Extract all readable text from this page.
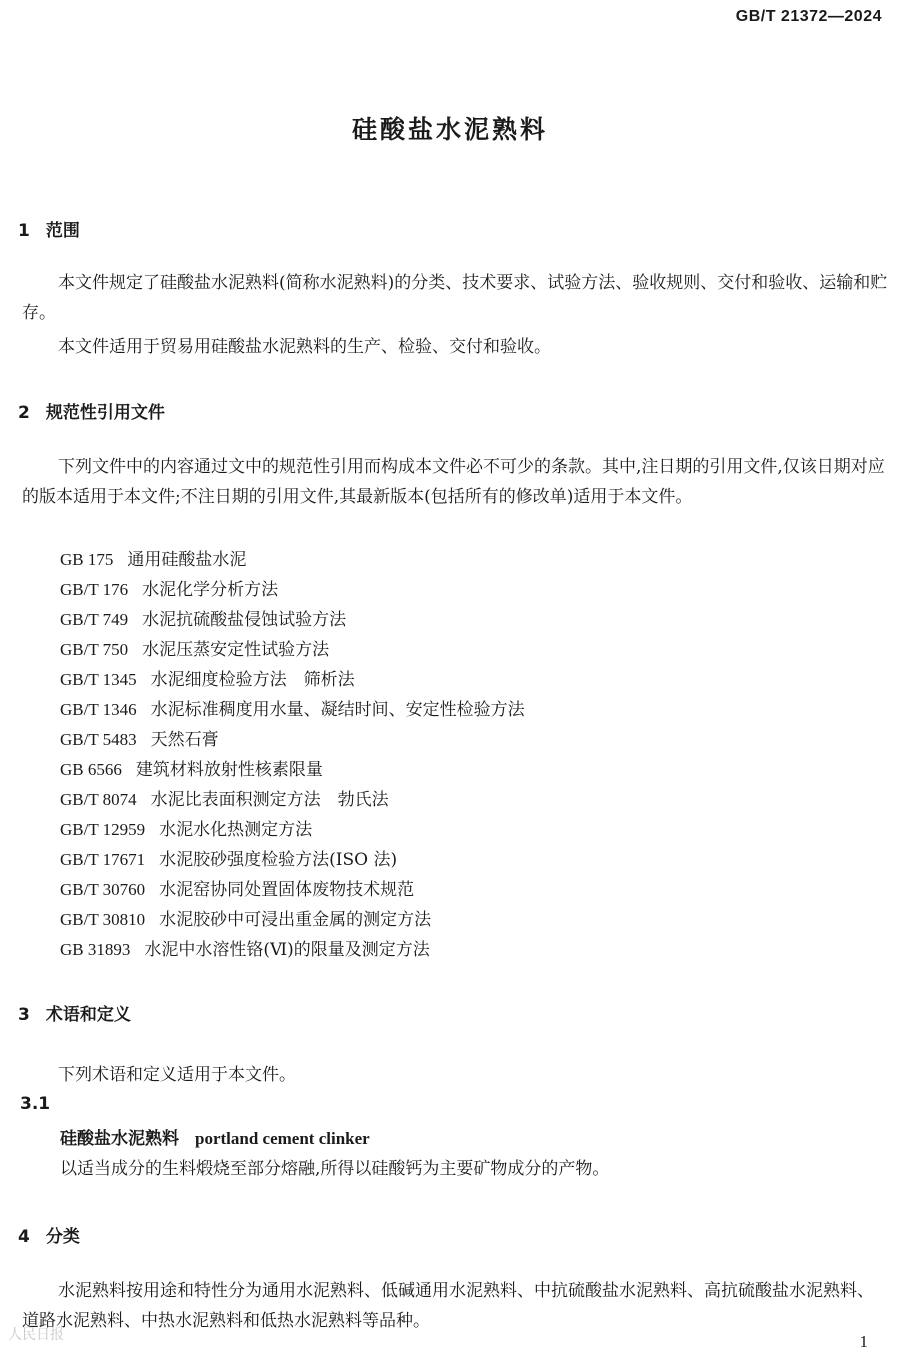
GB/T 21372—2024
硅酸盐水泥熟料
1 范围
本文件规定了硅酸盐水泥熟料(简称水泥熟料)的分类、技术要求、试验方法、验收规则、交付和验收、运输和贮存。
本文件适用于贸易用硅酸盐水泥熟料的生产、检验、交付和验收。
2 规范性引用文件
下列文件中的内容通过文中的规范性引用而构成本文件必不可少的条款。其中,注日期的引用文件,仅该日期对应的版本适用于本文件;不注日期的引用文件,其最新版本(包括所有的修改单)适用于本文件。
GB 175 通用硅酸盐水泥
GB/T 176 水泥化学分析方法
GB/T 749 水泥抗硫酸盐侵蚀试验方法
GB/T 750 水泥压蒸安定性试验方法
GB/T 1345 水泥细度检验方法　筛析法
GB/T 1346 水泥标准稠度用水量、凝结时间、安定性检验方法
GB/T 5483 天然石膏
GB 6566 建筑材料放射性核素限量
GB/T 8074 水泥比表面积测定方法　勃氏法
GB/T 12959 水泥水化热测定方法
GB/T 17671 水泥胶砂强度检验方法(ISO 法)
GB/T 30760 水泥窑协同处置固体废物技术规范
GB/T 30810 水泥胶砂中可浸出重金属的测定方法
GB 31893 水泥中水溶性铬(Ⅵ)的限量及测定方法
3 术语和定义
下列术语和定义适用于本文件。
3.1
硅酸盐水泥熟料 portland cement clinker
以适当成分的生料煅烧至部分熔融,所得以硅酸钙为主要矿物成分的产物。
4 分类
水泥熟料按用途和特性分为通用水泥熟料、低碱通用水泥熟料、中抗硫酸盐水泥熟料、高抗硫酸盐水泥熟料、道路水泥熟料、中热水泥熟料和低热水泥熟料等品种。
人民日报	1
